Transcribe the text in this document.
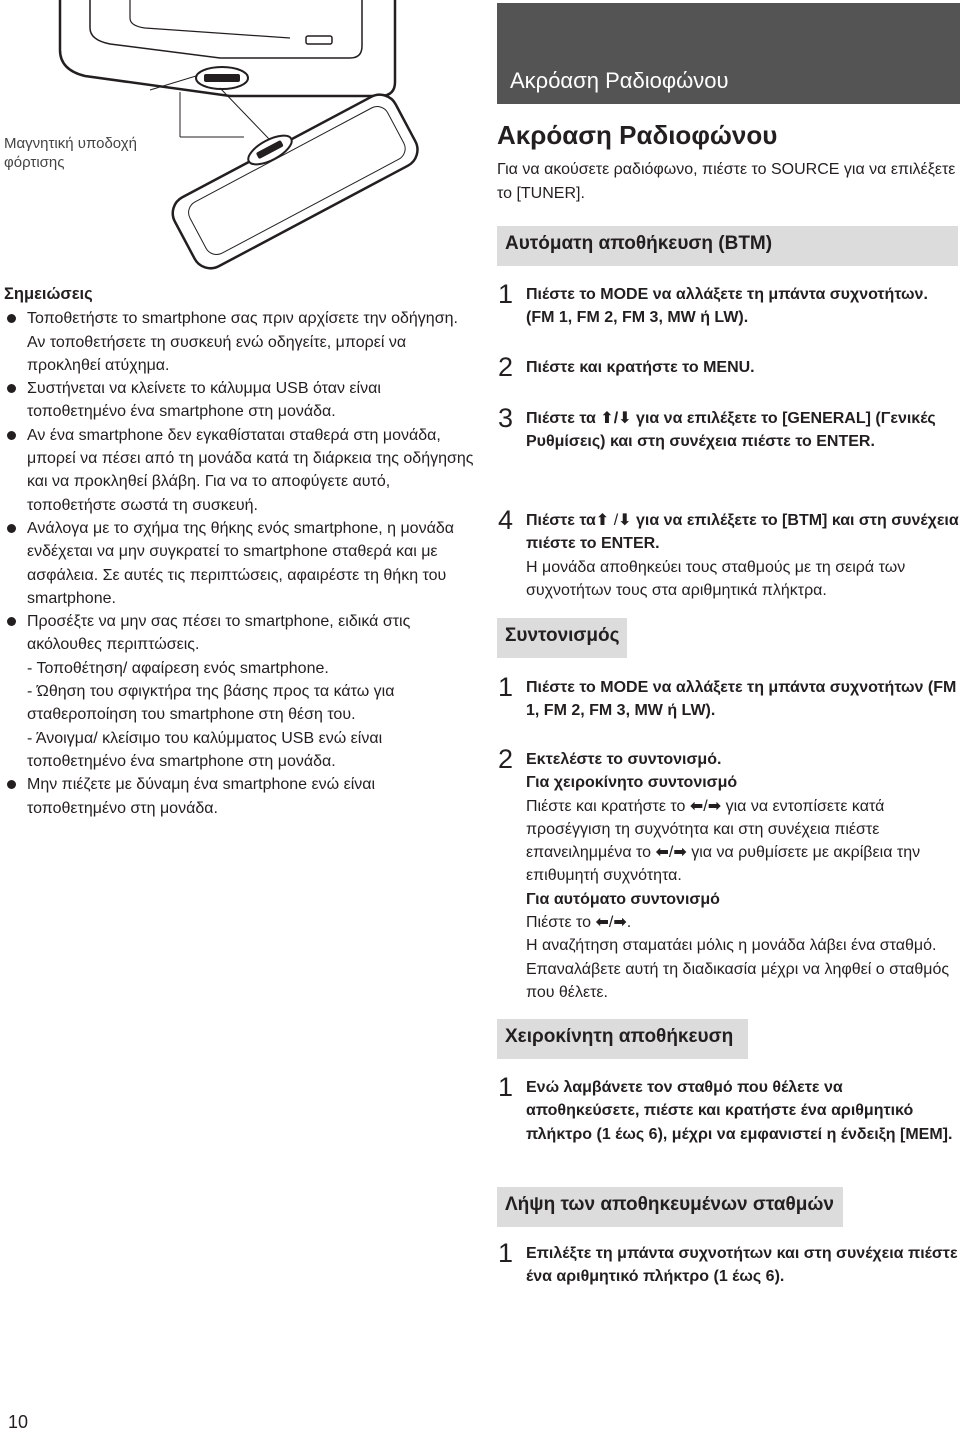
Μαγνητική υποδοχή φόρτισης
Σημειώσεις
Τοποθετήστε το smartphone σας πριν αρχίσετε την οδήγηση. Αν τοποθετήσετε τη συσκευή ενώ οδηγείτε, μπορεί να προκληθεί ατύχημα.
Συστήνεται να κλείνετε το κάλυμμα USB όταν είναι τοποθετημένο ένα smartphone στη μονάδα.
Αν ένα smartphone δεν εγκαθίσταται σταθερά στη μονάδα, μπορεί να πέσει από τη μονάδα κατά τη διάρκεια της οδήγησης και να προκληθεί βλάβη. Για να το αποφύγετε αυτό, τοποθετήστε σωστά τη συσκευή.
Ανάλογα με το σχήμα της θήκης ενός smartphone, η μονάδα ενδέχεται να μην συγκρατεί το smartphone σταθερά και με ασφάλεια. Σε αυτές τις περιπτώσεις, αφαιρέστε τη θήκη του smartphone.
Προσέξτε να μην σας πέσει το smartphone, ειδικά στις ακόλουθες περιπτώσεις.
- Τοποθέτηση/ αφαίρεση ενός smartphone.
- Ώθηση του σφιγκτήρα της βάσης προς τα κάτω για σταθεροποίηση του smartphone στη θέση του.
- Άνοιγμα/ κλείσιμο του καλύμματος USB ενώ είναι τοποθετημένο ένα smartphone στη μονάδα.
Μην πιέζετε με δύναμη ένα smartphone ενώ είναι τοποθετημένο στη μονάδα.
Ακρόαση Ραδιοφώνου
Ακρόαση Ραδιοφώνου
Για να ακούσετε ραδιόφωνο, πιέστε το SOURCE για να επιλέξετε το [TUNER].
Αυτόματη αποθήκευση (BTM)
1 Πιέστε το MODE να αλλάξετε τη μπάντα συχνοτήτων. (FM 1, FM 2, FM 3, MW ή LW).
2 Πιέστε και κρατήστε το MENU.
3 Πιέστε τα ⬆/⬇ για να επιλέξετε το [GENERAL] (Γενικές Ρυθμίσεις) και στη συνέχεια πιέστε το ENTER.
4 Πιέστε τα⬆ /⬇ για να επιλέξετε το [BTM] και στη συνέχεια πιέστε το ENTER.
Η μονάδα αποθηκεύει τους σταθμούς με τη σειρά των συχνοτήτων τους στα αριθμητικά πλήκτρα.
Συντονισμός
1 Πιέστε το MODE να αλλάξετε τη μπάντα συχνοτήτων (FM 1, FM 2, FM 3, MW ή LW).
2 Εκτελέστε το συντονισμό.
Για χειροκίνητο συντονισμό
Πιέστε και κρατήστε το ⬅/➡ για να εντοπίσετε κατά προσέγγιση τη συχνότητα και στη συνέχεια πιέστε επανειλημμένα το ⬅/➡ για να ρυθμίσετε με ακρίβεια την επιθυμητή συχνότητα.
Για αυτόματο συντονισμό
Πιέστε το ⬅/➡.
Η αναζήτηση σταματάει μόλις η μονάδα λάβει ένα σταθμό. Επαναλάβετε αυτή τη διαδικασία μέχρι να ληφθεί ο σταθμός που θέλετε.
Χειροκίνητη αποθήκευση
1 Ενώ λαμβάνετε τον σταθμό που θέλετε να αποθηκεύσετε, πιέστε και κρατήστε ένα αριθμητικό πλήκτρο (1 έως 6), μέχρι να εμφανιστεί η ένδειξη [MEM].
Λήψη των αποθηκευμένων σταθμών
1 Επιλέξτε τη μπάντα συχνοτήτων και στη συνέχεια πιέστε ένα αριθμητικό πλήκτρο (1 έως 6).
10
